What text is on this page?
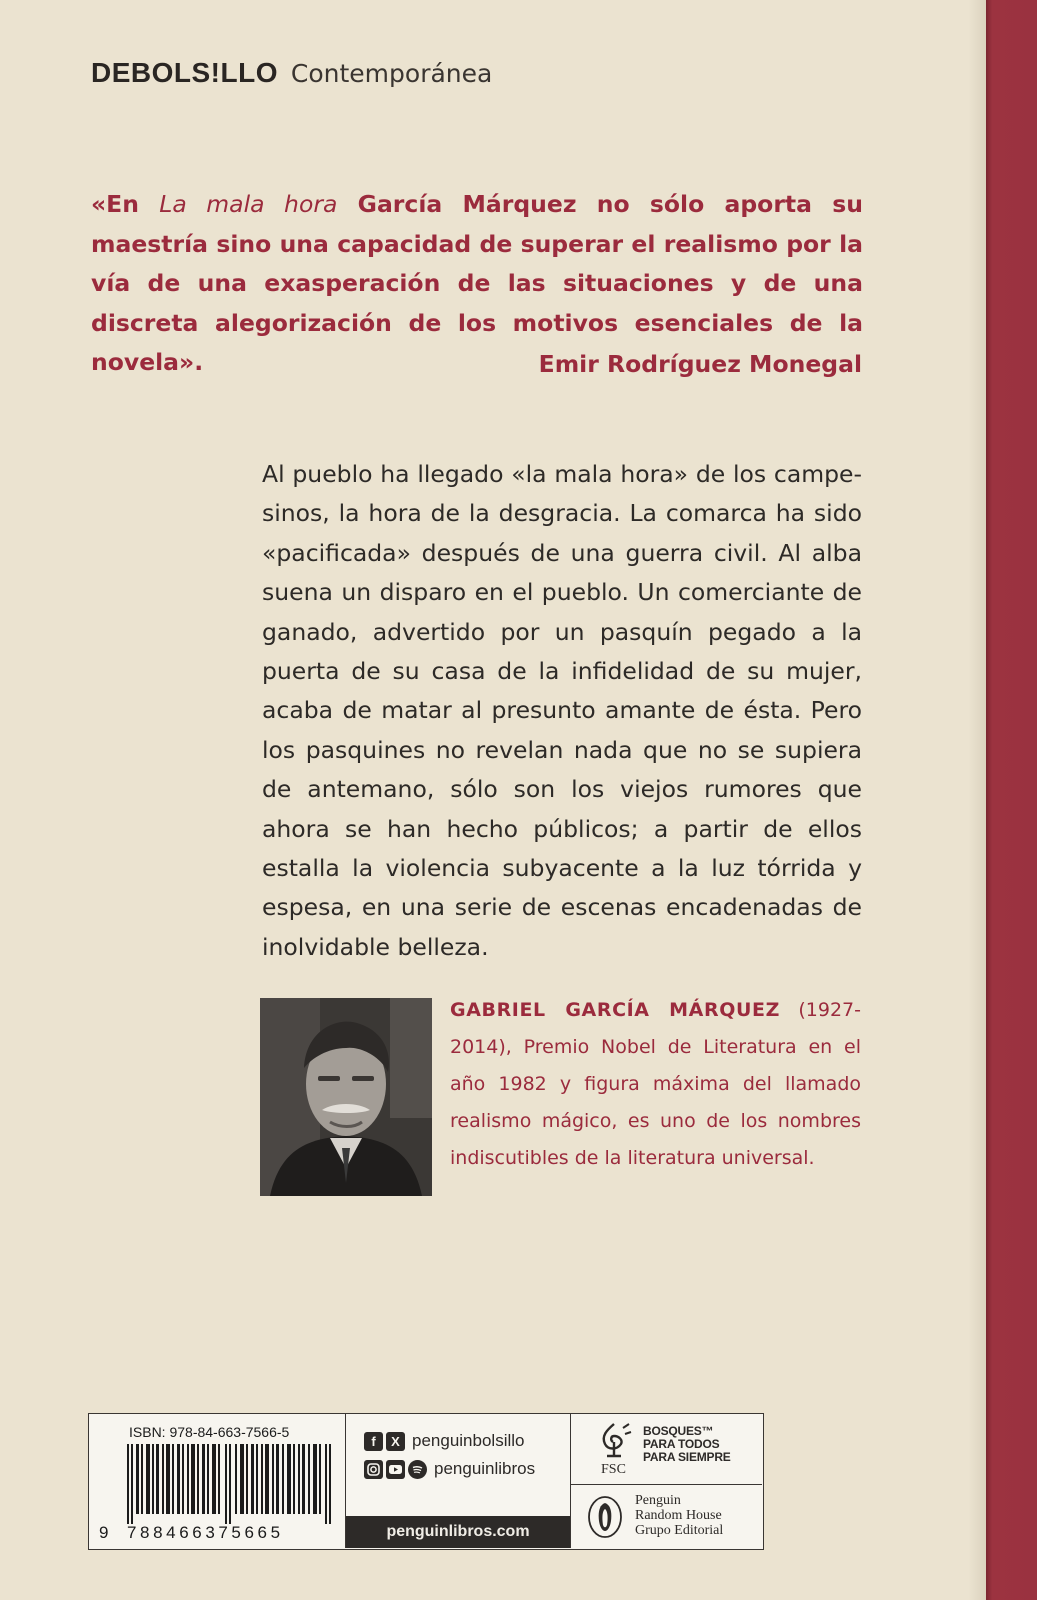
DEBOLS!LLO Contemporánea
«En La mala hora García Márquez no sólo aporta su maestría sino una capacidad de superar el realismo por la vía de una exasperación de las situaciones y de una discreta alegorización de los motivos esenciales de la novela».	Emir Rodríguez Monegal
Al pueblo ha llegado «la mala hora» de los campesinos, la hora de la desgracia. La comarca ha sido «pacificada» después de una guerra civil. Al alba suena un disparo en el pueblo. Un comerciante de ganado, advertido por un pasquín pegado a la puerta de su casa de la infidelidad de su mujer, acaba de matar al presunto amante de ésta. Pero los pasquines no revelan nada que no se supiera de antemano, sólo son los viejos rumores que ahora se han hecho públicos; a partir de ellos estalla la violencia subyacente a la luz tórrida y espesa, en una serie de escenas encadenadas de inolvidable belleza.
GABRIEL GARCÍA MÁRQUEZ (1927-2014), Premio Nobel de Literatura en el año 1982 y figura máxima del llamado realismo mágico, es uno de los nombres indiscutibles de la literatura universal.
ISBN: 978-84-663-7566-5
9 788466375665
f	X penguinbolsillo
penguinlibros
penguinlibros.com
FSC
BOSQUES™
PARA TODOS
PARA SIEMPRE
Penguin
Random House
Grupo Editorial
